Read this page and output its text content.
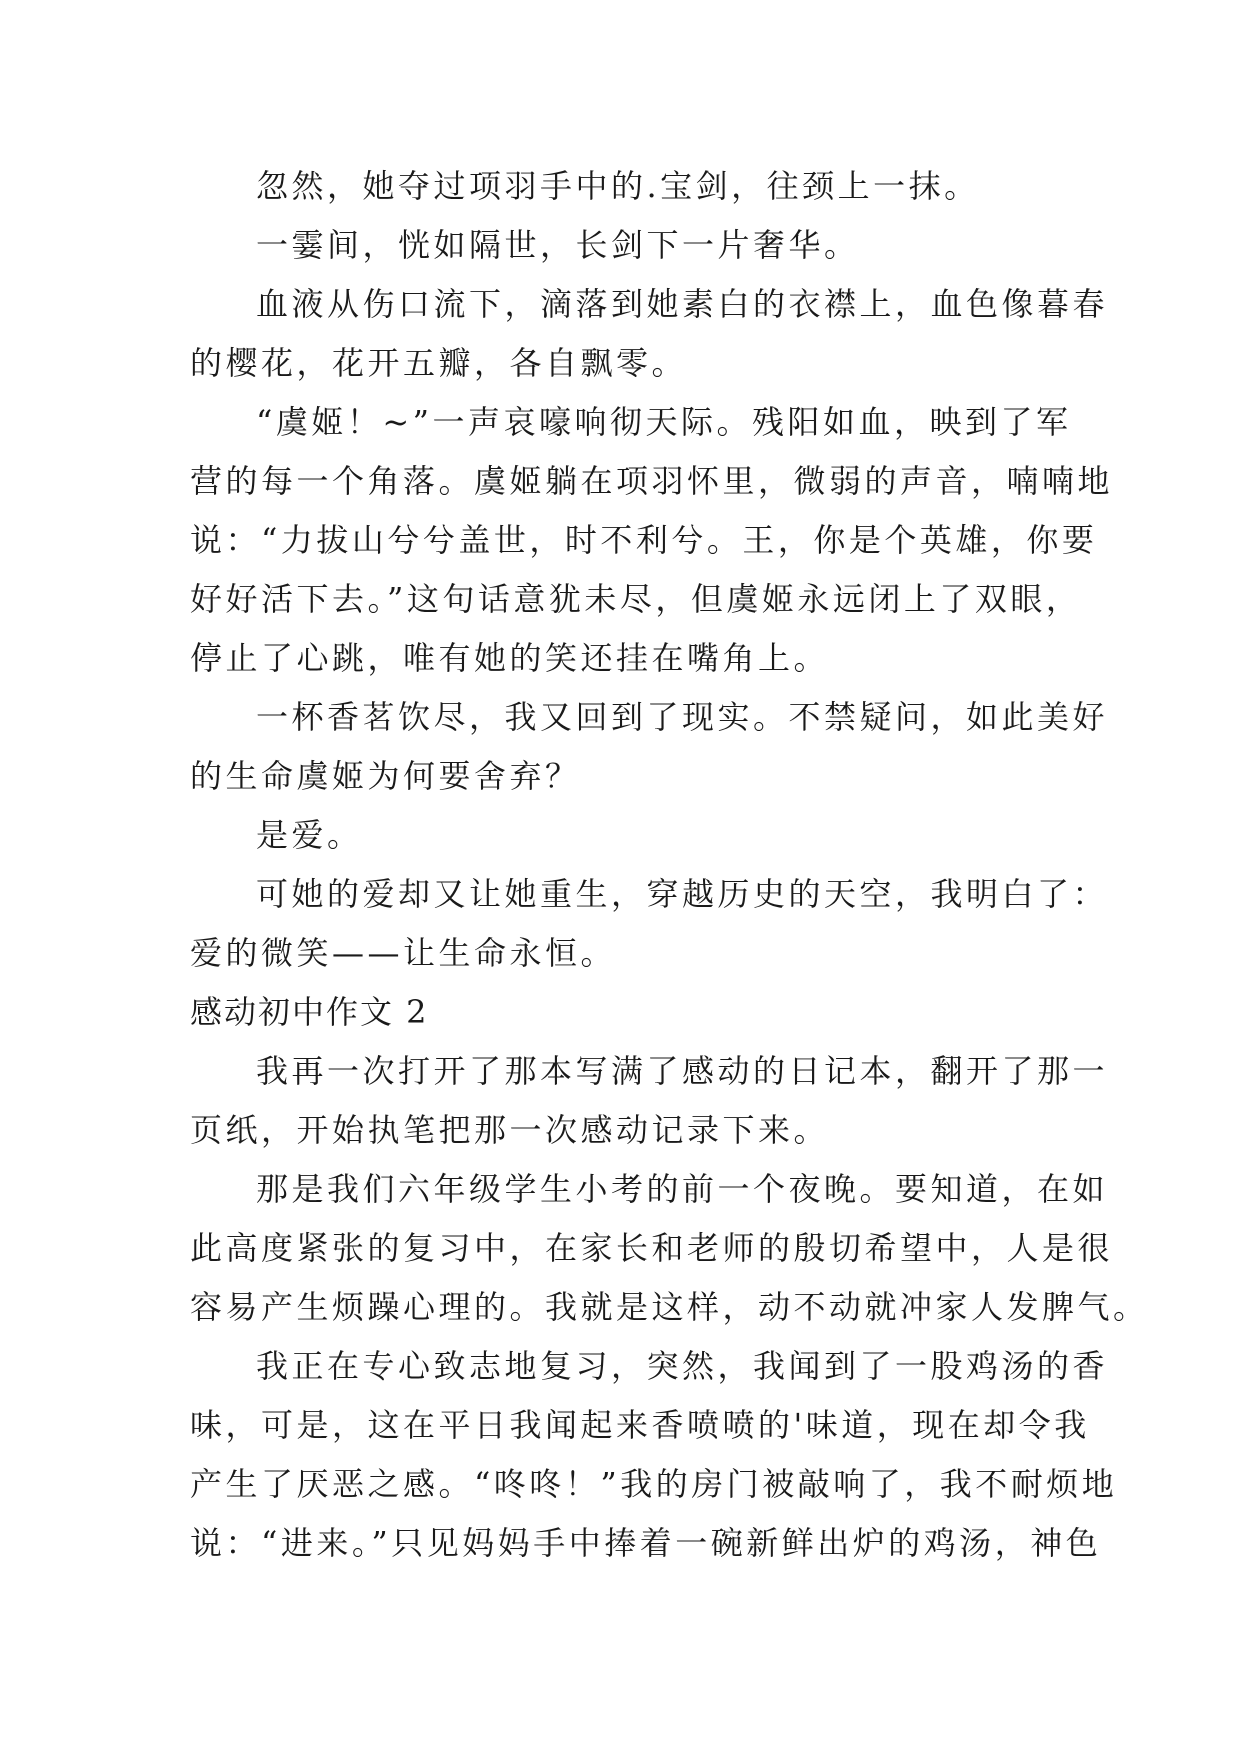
忽然，她夺过项羽手中的.宝剑，往颈上一抹。
一霎间，恍如隔世，长剑下一片奢华。
血液从伤口流下，滴落到她素白的衣襟上，血色像暮春
的樱花，花开五瓣，各自飘零。
“虞姬！~”一声哀嚎响彻天际。残阳如血，映到了军
营的每一个角落。虞姬躺在项羽怀里，微弱的声音，喃喃地
说：“力拔山兮兮盖世，时不利兮。王，你是个英雄，你要
好好活下去。”这句话意犹未尽，但虞姬永远闭上了双眼，
停止了心跳，唯有她的笑还挂在嘴角上。
一杯香茗饮尽，我又回到了现实。不禁疑问，如此美好
的生命虞姬为何要舍弃？
是爱。
可她的爱却又让她重生，穿越历史的天空，我明白了：
爱的微笑——让生命永恒。
感动初中作文 2
我再一次打开了那本写满了感动的日记本，翻开了那一
页纸，开始执笔把那一次感动记录下来。
那是我们六年级学生小考的前一个夜晚。要知道，在如
此高度紧张的复习中，在家长和老师的殷切希望中，人是很
容易产生烦躁心理的。我就是这样，动不动就冲家人发脾气。
我正在专心致志地复习，突然，我闻到了一股鸡汤的香
味，可是，这在平日我闻起来香喷喷的'味道，现在却令我
产生了厌恶之感。“咚咚！”我的房门被敲响了，我不耐烦地
说：“进来。”只见妈妈手中捧着一碗新鲜出炉的鸡汤，神色
